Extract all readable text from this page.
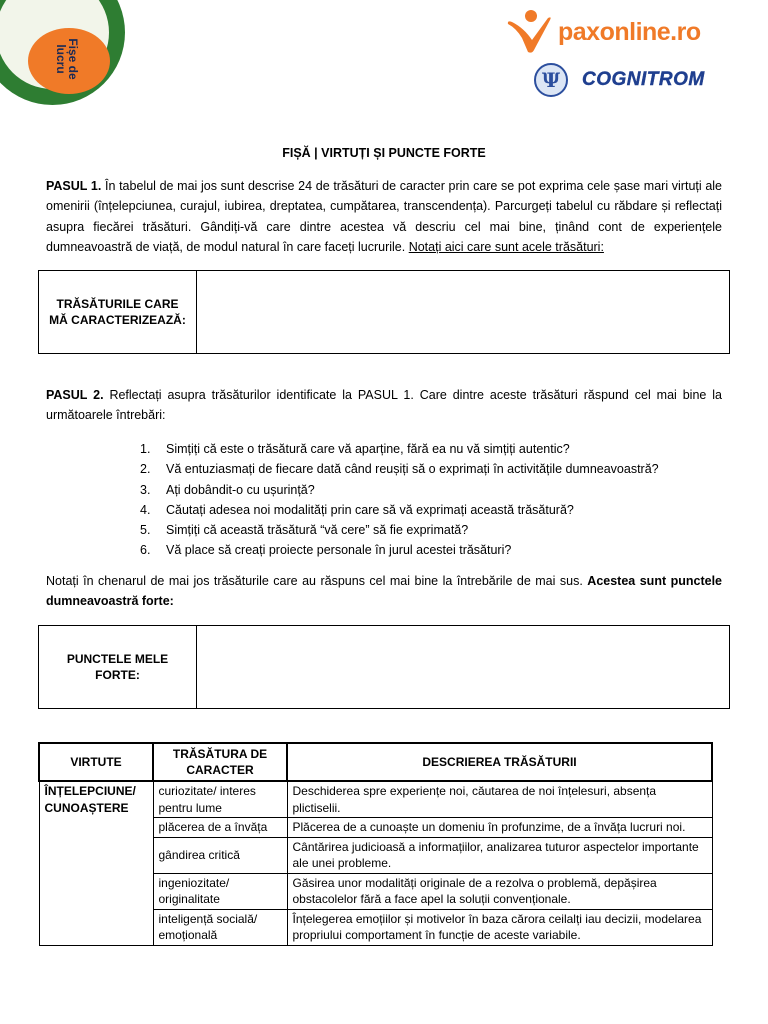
Fișe de lucru
paxonline.ro
Ψ	COGNITROM
FIȘĂ | VIRTUȚI ȘI PUNCTE FORTE

PASUL 1. În tabelul de mai jos sunt descrise 24 de trăsături de caracter prin care se pot exprima cele șase mari virtuți ale omenirii (înțelepciunea, curajul, iubirea, dreptatea, cumpătarea, transcendența). Parcurgeți tabelul cu răbdare și reflectați asupra fiecărei trăsături. Gândiți-vă care dintre acestea vă descriu cel mai bine, ținând cont de experiențele dumneavoastră de viață, de modul natural în care faceți lucrurile. Notați aici care sunt acele trăsături:

TRĂSĂTURILE CARE MĂ CARACTERIZEAZĂ:

PASUL 2. Reflectați asupra trăsăturilor identificate la PASUL 1. Care dintre aceste trăsături răspund cel mai bine la următoarele întrebări:

1.	Simțiți că este o trăsătură care vă aparține, fără ea nu vă simțiți autentic?
2.	Vă entuziasmați de fiecare dată când reușiți să o exprimați în activitățile dumneavoastră?
3.	Ați dobândit-o cu ușurință?
4.	Căutați adesea noi modalități prin care să vă exprimați această trăsătură?
5.	Simțiți că această trăsătură “vă cere” să fie exprimată?
6.	Vă place să creați proiecte personale în jurul acestei trăsături?

Notați în chenarul de mai jos trăsăturile care au răspuns cel mai bine la întrebările de mai sus. Acestea sunt punctele dumneavoastră forte:

PUNCTELE MELE FORTE:
VIRTUTE	TRĂSĂTURA DE CARACTER	DESCRIEREA TRĂSĂTURII
ÎNȚELEPCIUNE/ CUNOAȘTERE	curiozitate/ interes pentru lume	Deschiderea spre experiențe noi, căutarea de noi înțelesuri, absența plictiselii.
	plăcerea de a învăța	Plăcerea de a cunoaște un domeniu în profunzime, de a învăța lucruri noi.
	gândirea critică	Cântărirea judicioasă a informațiilor, analizarea tuturor aspectelor importante ale unei probleme.
	ingeniozitate/ originalitate	Găsirea unor modalități originale de a rezolva o problemă, depășirea obstacolelor fără a face apel la soluții convenționale.
	inteligență socială/ emoțională	Înțelegerea emoțiilor și motivelor în baza cărora ceilalți iau decizii, modelarea propriului comportament în funcție de aceste variabile.
